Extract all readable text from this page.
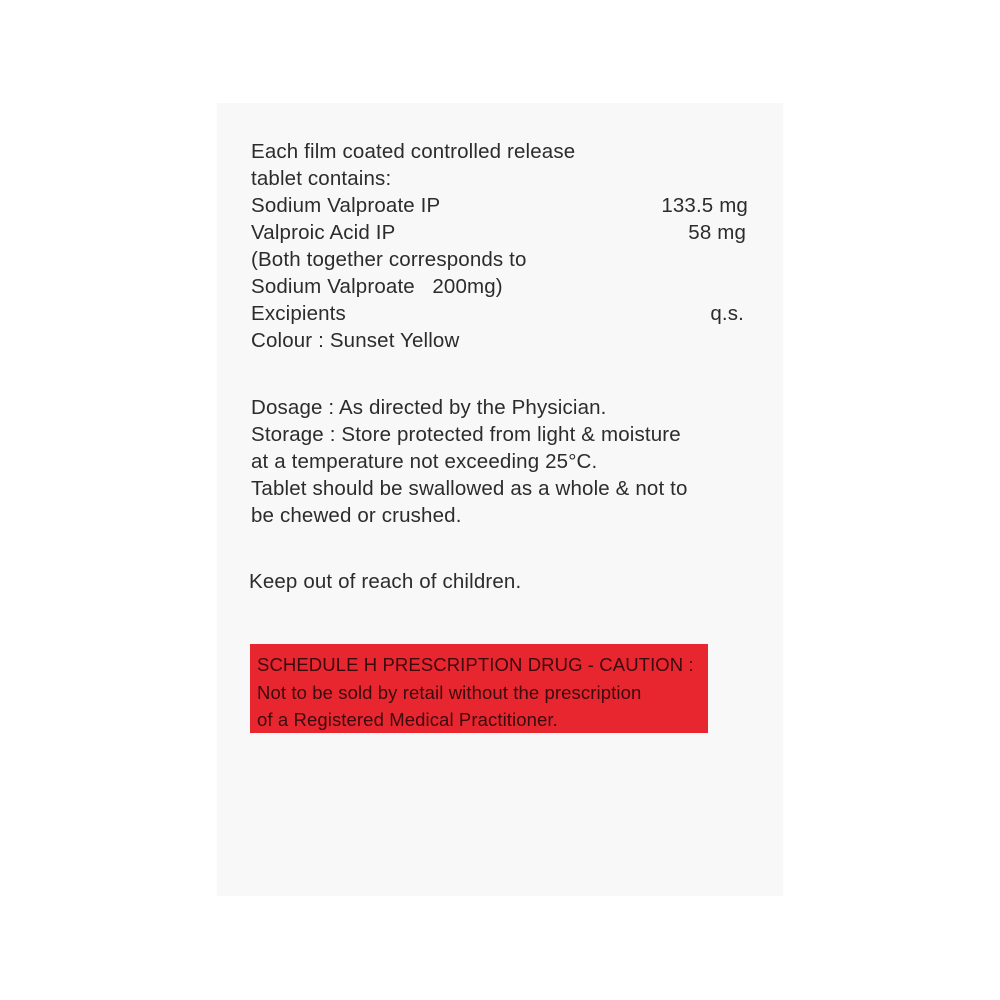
Each film coated controlled release
tablet contains:
Sodium Valproate IP	133.5 mg
Valproic Acid IP	58 mg
(Both together corresponds to
Sodium Valproate   200mg)
Excipients	q.s.
Colour : Sunset Yellow
Dosage : As directed by the Physician.
Storage : Store protected from light & moisture
at a temperature not exceeding 25°C.
Tablet should be swallowed as a whole & not to
be chewed or crushed.
Keep out of reach of children.
SCHEDULE H PRESCRIPTION DRUG - CAUTION :
Not to be sold by retail without the prescription
of a Registered Medical Practitioner.
